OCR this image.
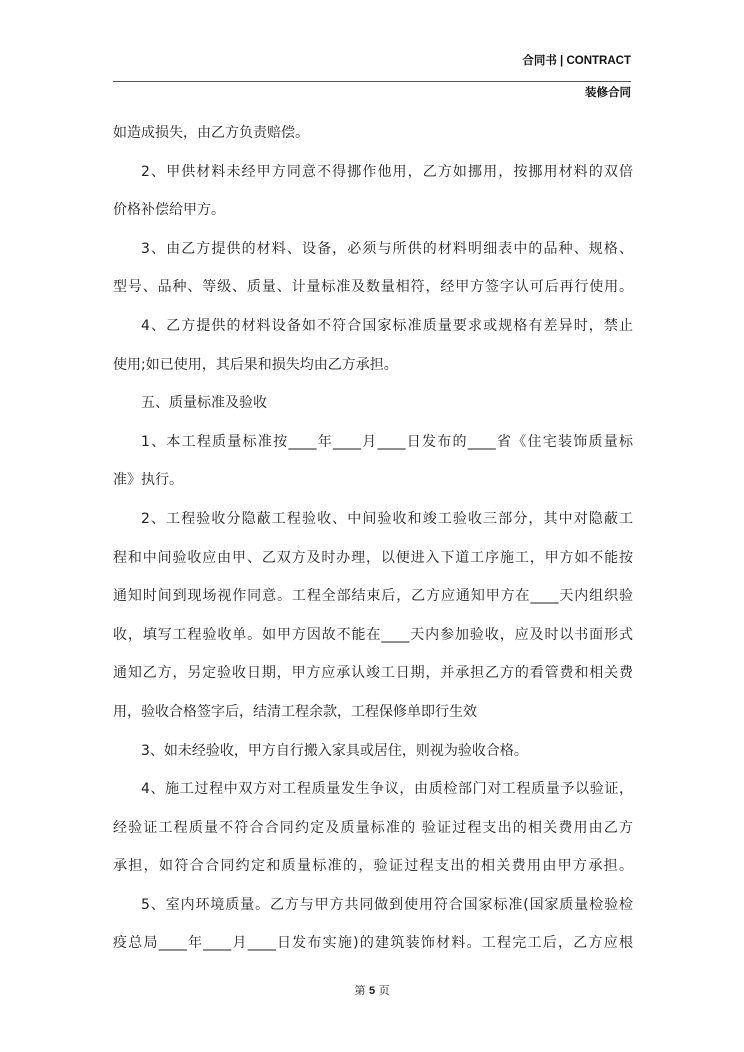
合同书 | CONTRACT
装修合同
如造成损失，由乙方负责赔偿。
2、甲供材料未经甲方同意不得挪作他用，乙方如挪用，按挪用材料的双倍
价格补偿给甲方。
3、由乙方提供的材料、设备，必须与所供的材料明细表中的品种、规格、
型号、品种、等级、质量、计量标准及数量相符，经甲方签字认可后再行使用。
4、乙方提供的材料设备如不符合国家标准质量要求或规格有差异时，禁止
使用;如已使用，其后果和损失均由乙方承担。
五、质量标准及验收
1、本工程质量标准按____年____月____日发布的____省《住宅装饰质量标
准》执行。
2、工程验收分隐蔽工程验收、中间验收和竣工验收三部分，其中对隐蔽工
程和中间验收应由甲、乙双方及时办理，以便进入下道工序施工，甲方如不能按
通知时间到现场视作同意。工程全部结束后，乙方应通知甲方在____天内组织验
收，填写工程验收单。如甲方因故不能在____天内参加验收，应及时以书面形式
通知乙方，另定验收日期，甲方应承认竣工日期，并承担乙方的看管费和相关费
用，验收合格签字后，结清工程余款，工程保修单即行生效
3、如未经验收，甲方自行搬入家具或居住，则视为验收合格。
4、施工过程中双方对工程质量发生争议，由质检部门对工程质量予以验证，
经验证工程质量不符合合同约定及质量标准的 验证过程支出的相关费用由乙方
承担，如符合合同约定和质量标准的，验证过程支出的相关费用由甲方承担。
5、室内环境质量。乙方与甲方共同做到使用符合国家标准(国家质量检验检
疫总局____年____月____日发布实施)的建筑装饰材料。工程完工后，乙方应根
第 5 页
